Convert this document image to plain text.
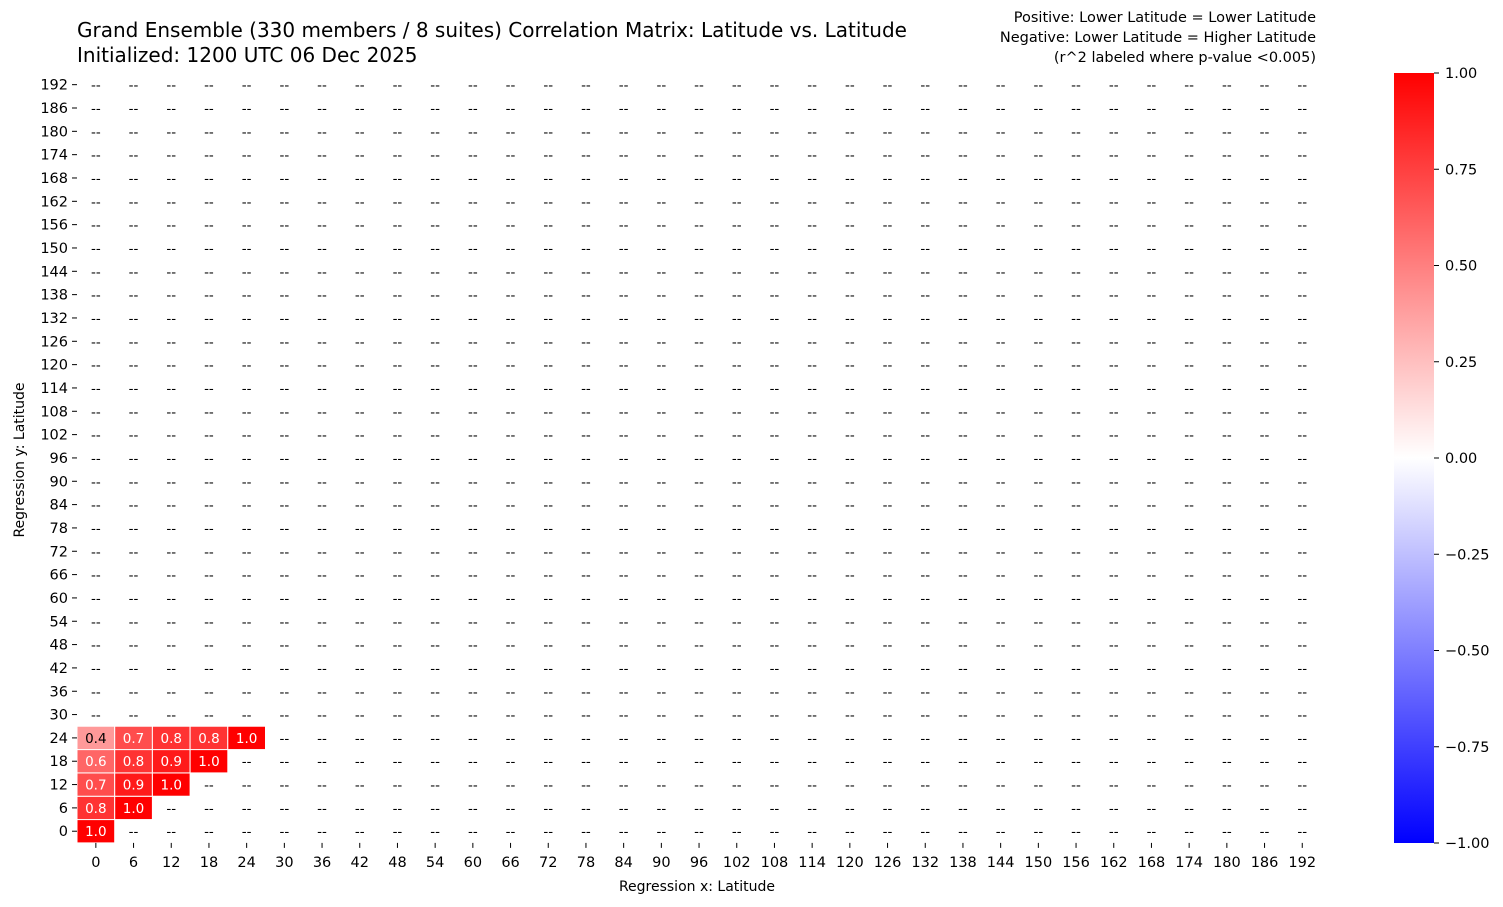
Grand Ensemble (330 members / 8 suites) Correlation Matrix: Latitude vs. Latitude
Initialized: 1200 UTC 06 Dec 2025
Positive: Lower Latitude = Lower Latitude
Negative: Lower Latitude = Higher Latitude
(r^2 labeled where p-value <0.005)
1.0 -- -- -- -- -- -- -- -- -- -- -- -- -- -- -- -- -- -- -- -- -- -- -- -- -- -- -- -- -- -- -- --
0.8 1.0 -- -- -- -- -- -- -- -- -- -- -- -- -- -- -- -- -- -- -- -- -- -- -- -- -- -- -- -- -- -- --
0.7 0.9 1.0 -- -- -- -- -- -- -- -- -- -- -- -- -- -- -- -- -- -- -- -- -- -- -- -- -- -- -- -- -- --
0.6 0.8 0.9 1.0 -- -- -- -- -- -- -- -- -- -- -- -- -- -- -- -- -- -- -- -- -- -- -- -- -- -- -- -- --
0.4 0.7 0.8 0.8 1.0 -- -- -- -- -- -- -- -- -- -- -- -- -- -- -- -- -- -- -- -- -- -- -- -- -- -- -- --
-- -- -- -- -- -- -- -- -- -- -- -- -- -- -- -- -- -- -- -- -- -- -- -- -- -- -- -- -- -- -- -- --
-- -- -- -- -- -- -- -- -- -- -- -- -- -- -- -- -- -- -- -- -- -- -- -- -- -- -- -- -- -- -- -- --
-- -- -- -- -- -- -- -- -- -- -- -- -- -- -- -- -- -- -- -- -- -- -- -- -- -- -- -- -- -- -- -- --
-- -- -- -- -- -- -- -- -- -- -- -- -- -- -- -- -- -- -- -- -- -- -- -- -- -- -- -- -- -- -- -- --
-- -- -- -- -- -- -- -- -- -- -- -- -- -- -- -- -- -- -- -- -- -- -- -- -- -- -- -- -- -- -- -- --
-- -- -- -- -- -- -- -- -- -- -- -- -- -- -- -- -- -- -- -- -- -- -- -- -- -- -- -- -- -- -- -- --
-- -- -- -- -- -- -- -- -- -- -- -- -- -- -- -- -- -- -- -- -- -- -- -- -- -- -- -- -- -- -- -- --
-- -- -- -- -- -- -- -- -- -- -- -- -- -- -- -- -- -- -- -- -- -- -- -- -- -- -- -- -- -- -- -- --
-- -- -- -- -- -- -- -- -- -- -- -- -- -- -- -- -- -- -- -- -- -- -- -- -- -- -- -- -- -- -- -- --
-- -- -- -- -- -- -- -- -- -- -- -- -- -- -- -- -- -- -- -- -- -- -- -- -- -- -- -- -- -- -- -- --
-- -- -- -- -- -- -- -- -- -- -- -- -- -- -- -- -- -- -- -- -- -- -- -- -- -- -- -- -- -- -- -- --
-- -- -- -- -- -- -- -- -- -- -- -- -- -- -- -- -- -- -- -- -- -- -- -- -- -- -- -- -- -- -- -- --
-- -- -- -- -- -- -- -- -- -- -- -- -- -- -- -- -- -- -- -- -- -- -- -- -- -- -- -- -- -- -- -- --
-- -- -- -- -- -- -- -- -- -- -- -- -- -- -- -- -- -- -- -- -- -- -- -- -- -- -- -- -- -- -- -- --
-- -- -- -- -- -- -- -- -- -- -- -- -- -- -- -- -- -- -- -- -- -- -- -- -- -- -- -- -- -- -- -- --
-- -- -- -- -- -- -- -- -- -- -- -- -- -- -- -- -- -- -- -- -- -- -- -- -- -- -- -- -- -- -- -- --
-- -- -- -- -- -- -- -- -- -- -- -- -- -- -- -- -- -- -- -- -- -- -- -- -- -- -- -- -- -- -- -- --
-- -- -- -- -- -- -- -- -- -- -- -- -- -- -- -- -- -- -- -- -- -- -- -- -- -- -- -- -- -- -- -- --
-- -- -- -- -- -- -- -- -- -- -- -- -- -- -- -- -- -- -- -- -- -- -- -- -- -- -- -- -- -- -- -- --
-- -- -- -- -- -- -- -- -- -- -- -- -- -- -- -- -- -- -- -- -- -- -- -- -- -- -- -- -- -- -- -- --
-- -- -- -- -- -- -- -- -- -- -- -- -- -- -- -- -- -- -- -- -- -- -- -- -- -- -- -- -- -- -- -- --
-- -- -- -- -- -- -- -- -- -- -- -- -- -- -- -- -- -- -- -- -- -- -- -- -- -- -- -- -- -- -- -- --
-- -- -- -- -- -- -- -- -- -- -- -- -- -- -- -- -- -- -- -- -- -- -- -- -- -- -- -- -- -- -- -- --
-- -- -- -- -- -- -- -- -- -- -- -- -- -- -- -- -- -- -- -- -- -- -- -- -- -- -- -- -- -- -- -- --
-- -- -- -- -- -- -- -- -- -- -- -- -- -- -- -- -- -- -- -- -- -- -- -- -- -- -- -- -- -- -- -- --
-- -- -- -- -- -- -- -- -- -- -- -- -- -- -- -- -- -- -- -- -- -- -- -- -- -- -- -- -- -- -- -- --
-- -- -- -- -- -- -- -- -- -- -- -- -- -- -- -- -- -- -- -- -- -- -- -- -- -- -- -- -- -- -- -- --
-- -- -- -- -- -- -- -- -- -- -- -- -- -- -- -- -- -- -- -- -- -- -- -- -- -- -- -- -- -- -- -- --
0 6 12 18 24 30 36 42 48 54 60 66 72 78 84 90 96 102 108 114 120 126 132 138 144 150 156 162 168 174 180 186 192
0
6
12
18
24
30
36
42
48
54
60
66
72
78
84
90
96
102
108
114
120
126
132
138
144
150
156
162
168
174
180
186
192
Regression x: Latitude
Regression y: Latitude
1.00
0.75
0.50
0.25
0.00
−0.25
−0.50
−0.75
−1.00
